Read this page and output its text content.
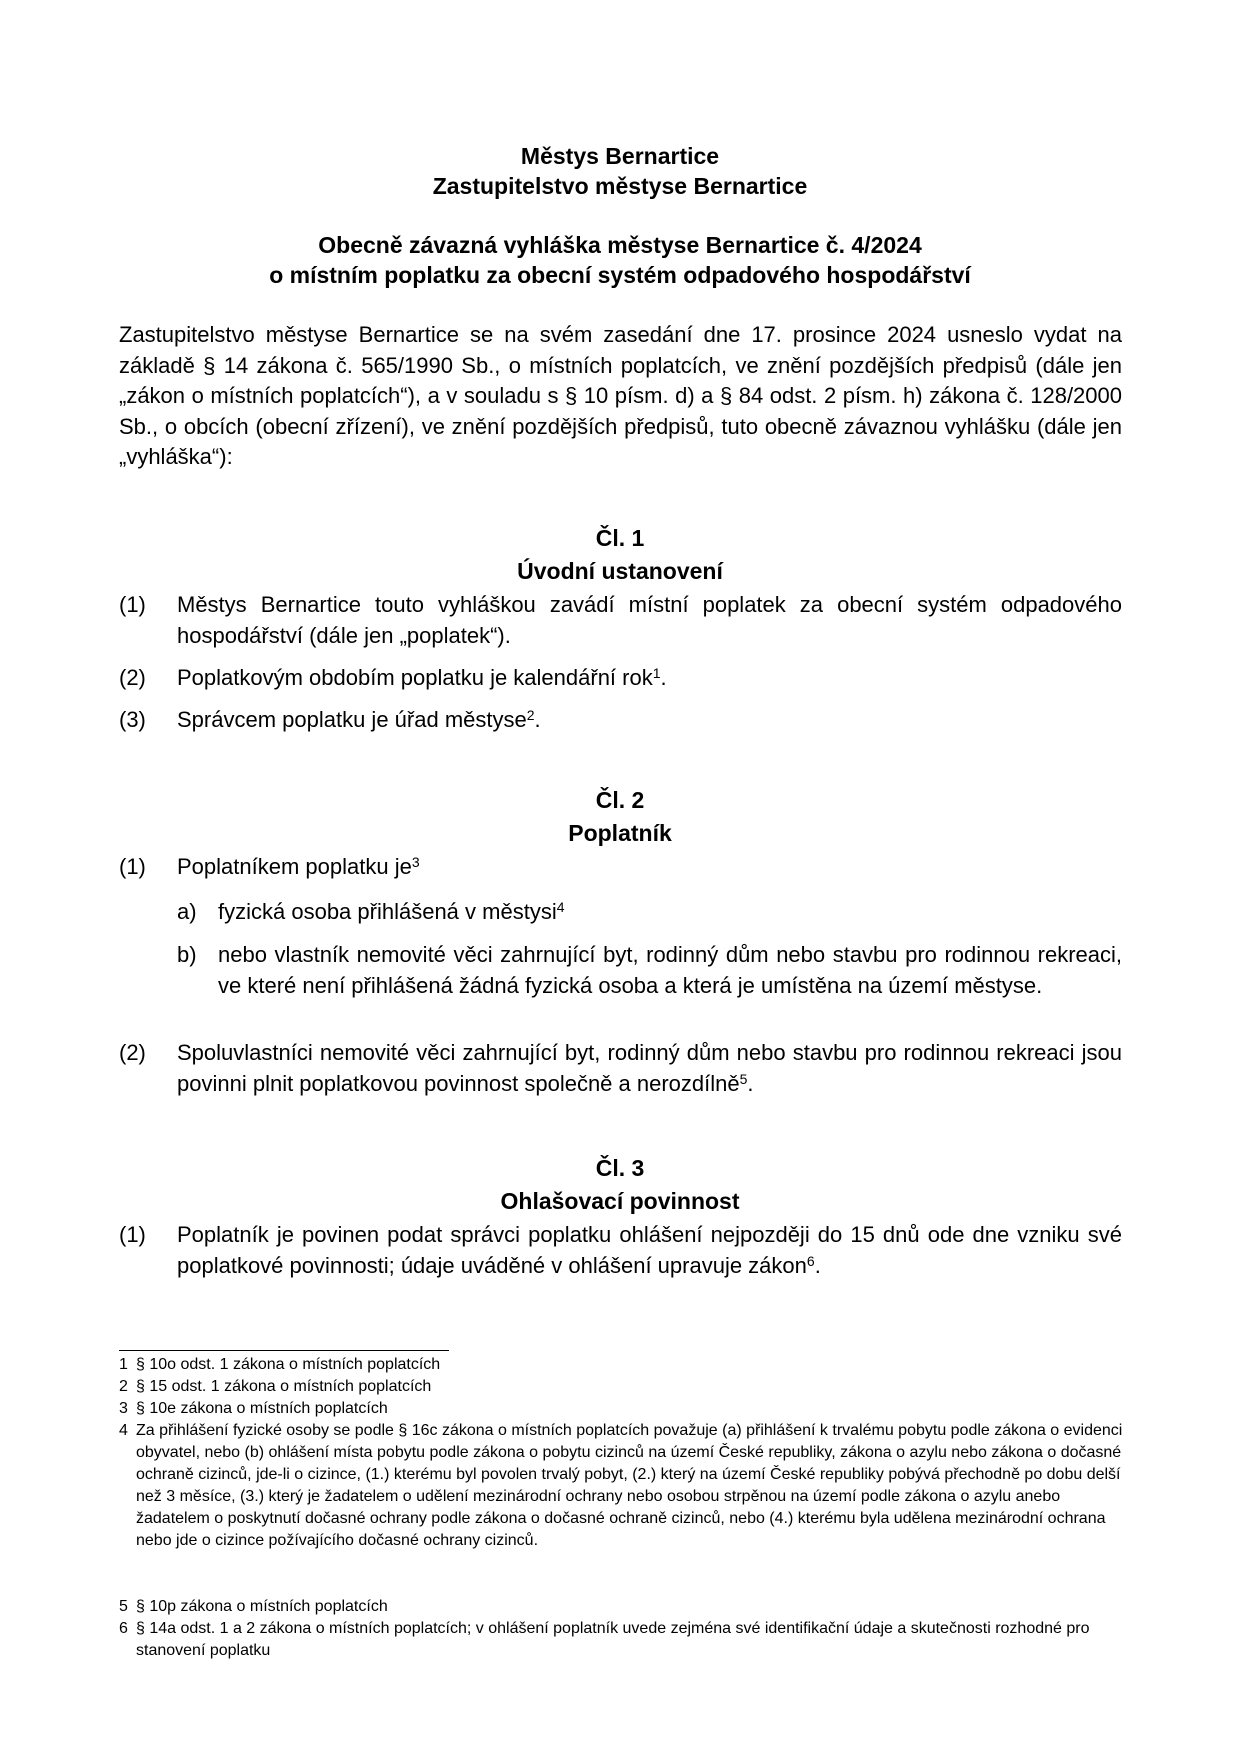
Městys Bernartice
Zastupitelstvo městyse Bernartice
Obecně závazná vyhláška městyse Bernartice č. 4/2024
o místním poplatku za obecní systém odpadového hospodářství
Zastupitelstvo městyse Bernartice se na svém zasedání dne 17. prosince 2024 usneslo vydat na základě § 14 zákona č. 565/1990 Sb., o místních poplatcích, ve znění pozdějších předpisů (dále jen „zákon o místních poplatcích“), a v souladu s § 10 písm. d) a § 84 odst. 2 písm. h) zákona č. 128/2000 Sb., o obcích (obecní zřízení), ve znění pozdějších předpisů, tuto obecně závaznou vyhlášku (dále jen „vyhláška“):
Čl. 1
Úvodní ustanovení
(1) Městys Bernartice touto vyhláškou zavádí místní poplatek za obecní systém odpadového hospodářství (dále jen „poplatek“).
(2) Poplatkovým obdobím poplatku je kalendářní rok$^1$.
(3) Správcem poplatku je úřad městyse$^2$.
Čl. 2
Poplatník
(1) Poplatníkem poplatku $je^3$
a) fyzická osoba přihlášená v městysi$^4$
b) nebo vlastník nemovité věci zahrnující byt, rodinný dům nebo stavbu pro rodinnou rekreaci, ve které není přihlášená žádná fyzická osoba a která je umístěna na území městyse.
(2) Spoluvlastníci nemovité věci zahrnující byt, rodinný dům nebo stavbu pro rodinnou rekreaci jsou povinni plnit poplatkovou povinnost společně a nerozdílně$^5$.
Čl. 3
Ohlašovací povinnost
(1) Poplatník je povinen podat správci poplatku ohlášení nejpozději do 15 dnů ode dne vzniku své poplatkové povinnosti; údaje uváděné v ohlášení upravuje zákon$^6$.
1 § 10o odst. 1 zákona o místních poplatcích
2 § 15 odst. 1 zákona o místních poplatcích
3 § 10e zákona o místních poplatcích
4 Za přihlášení fyzické osoby se podle § 16c zákona o místních poplatcích považuje (a) přihlášení k trvalému pobytu podle zákona o evidenci obyvatel, nebo (b) ohlášení místa pobytu podle zákona o pobytu cizinců na území České republiky, zákona o azylu nebo zákona o dočasné ochraně cizinců, jde-li o cizince, (1.) kterému byl povolen trvalý pobyt, (2.) který na území České republiky pobývá přechodně po dobu delší než 3 měsíce, (3.) který je žadatelem o udělení mezinárodní ochrany nebo osobou strpěnou na území podle zákona o azylu anebo žadatelem o poskytnutí dočasné ochrany podle zákona o dočasné ochraně cizinců, nebo (4.) kterému byla udělena mezinárodní ochrana nebo jde o cizince požívajícího dočasné ochrany cizinců.
5 § 10p zákona o místních poplatcích
6 § 14a odst. 1 a 2 zákona o místních poplatcích; v ohlášení poplatník uvede zejména své identifikační údaje a skutečnosti rozhodné pro stanovení poplatku
